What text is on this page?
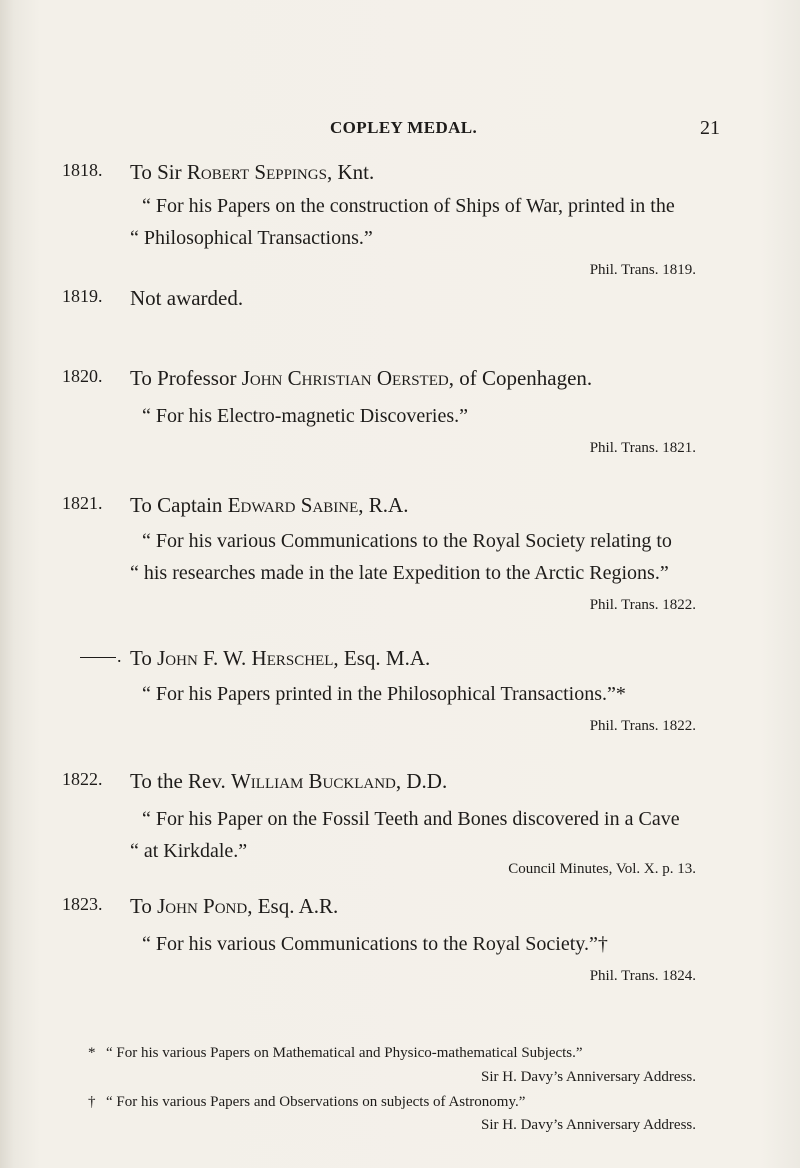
COPLEY MEDAL.	21
1818. To Sir Robert Seppings, Knt.
“ For his Papers on the construction of Ships of War, printed in the
“ Philosophical Transactions.”
Phil. Trans. 1819.
1819. Not awarded.
1820. To Professor John Christian Oersted, of Copenhagen.
“ For his Electro-magnetic Discoveries.”
Phil. Trans. 1821.
1821. To Captain Edward Sabine, R.A.
“ For his various Communications to the Royal Society relating to
“ his researches made in the late Expedition to the Arctic Regions.”
Phil. Trans. 1822.
. To John F. W. Herschel, Esq. M.A.
“ For his Papers printed in the Philosophical Transactions.”*
Phil. Trans. 1822.
1822. To the Rev. William Buckland, D.D.
“ For his Paper on the Fossil Teeth and Bones discovered in a Cave
“ at Kirkdale.”
Council Minutes, Vol. X. p. 13.
1823. To John Pond, Esq. A.R.
“ For his various Communications to the Royal Society.”†
Phil. Trans. 1824.
* “ For his various Papers on Mathematical and Physico-mathematical Subjects.”
Sir H. Davy’s Anniversary Address.
† “ For his various Papers and Observations on subjects of Astronomy.”
Sir H. Davy’s Anniversary Address.
